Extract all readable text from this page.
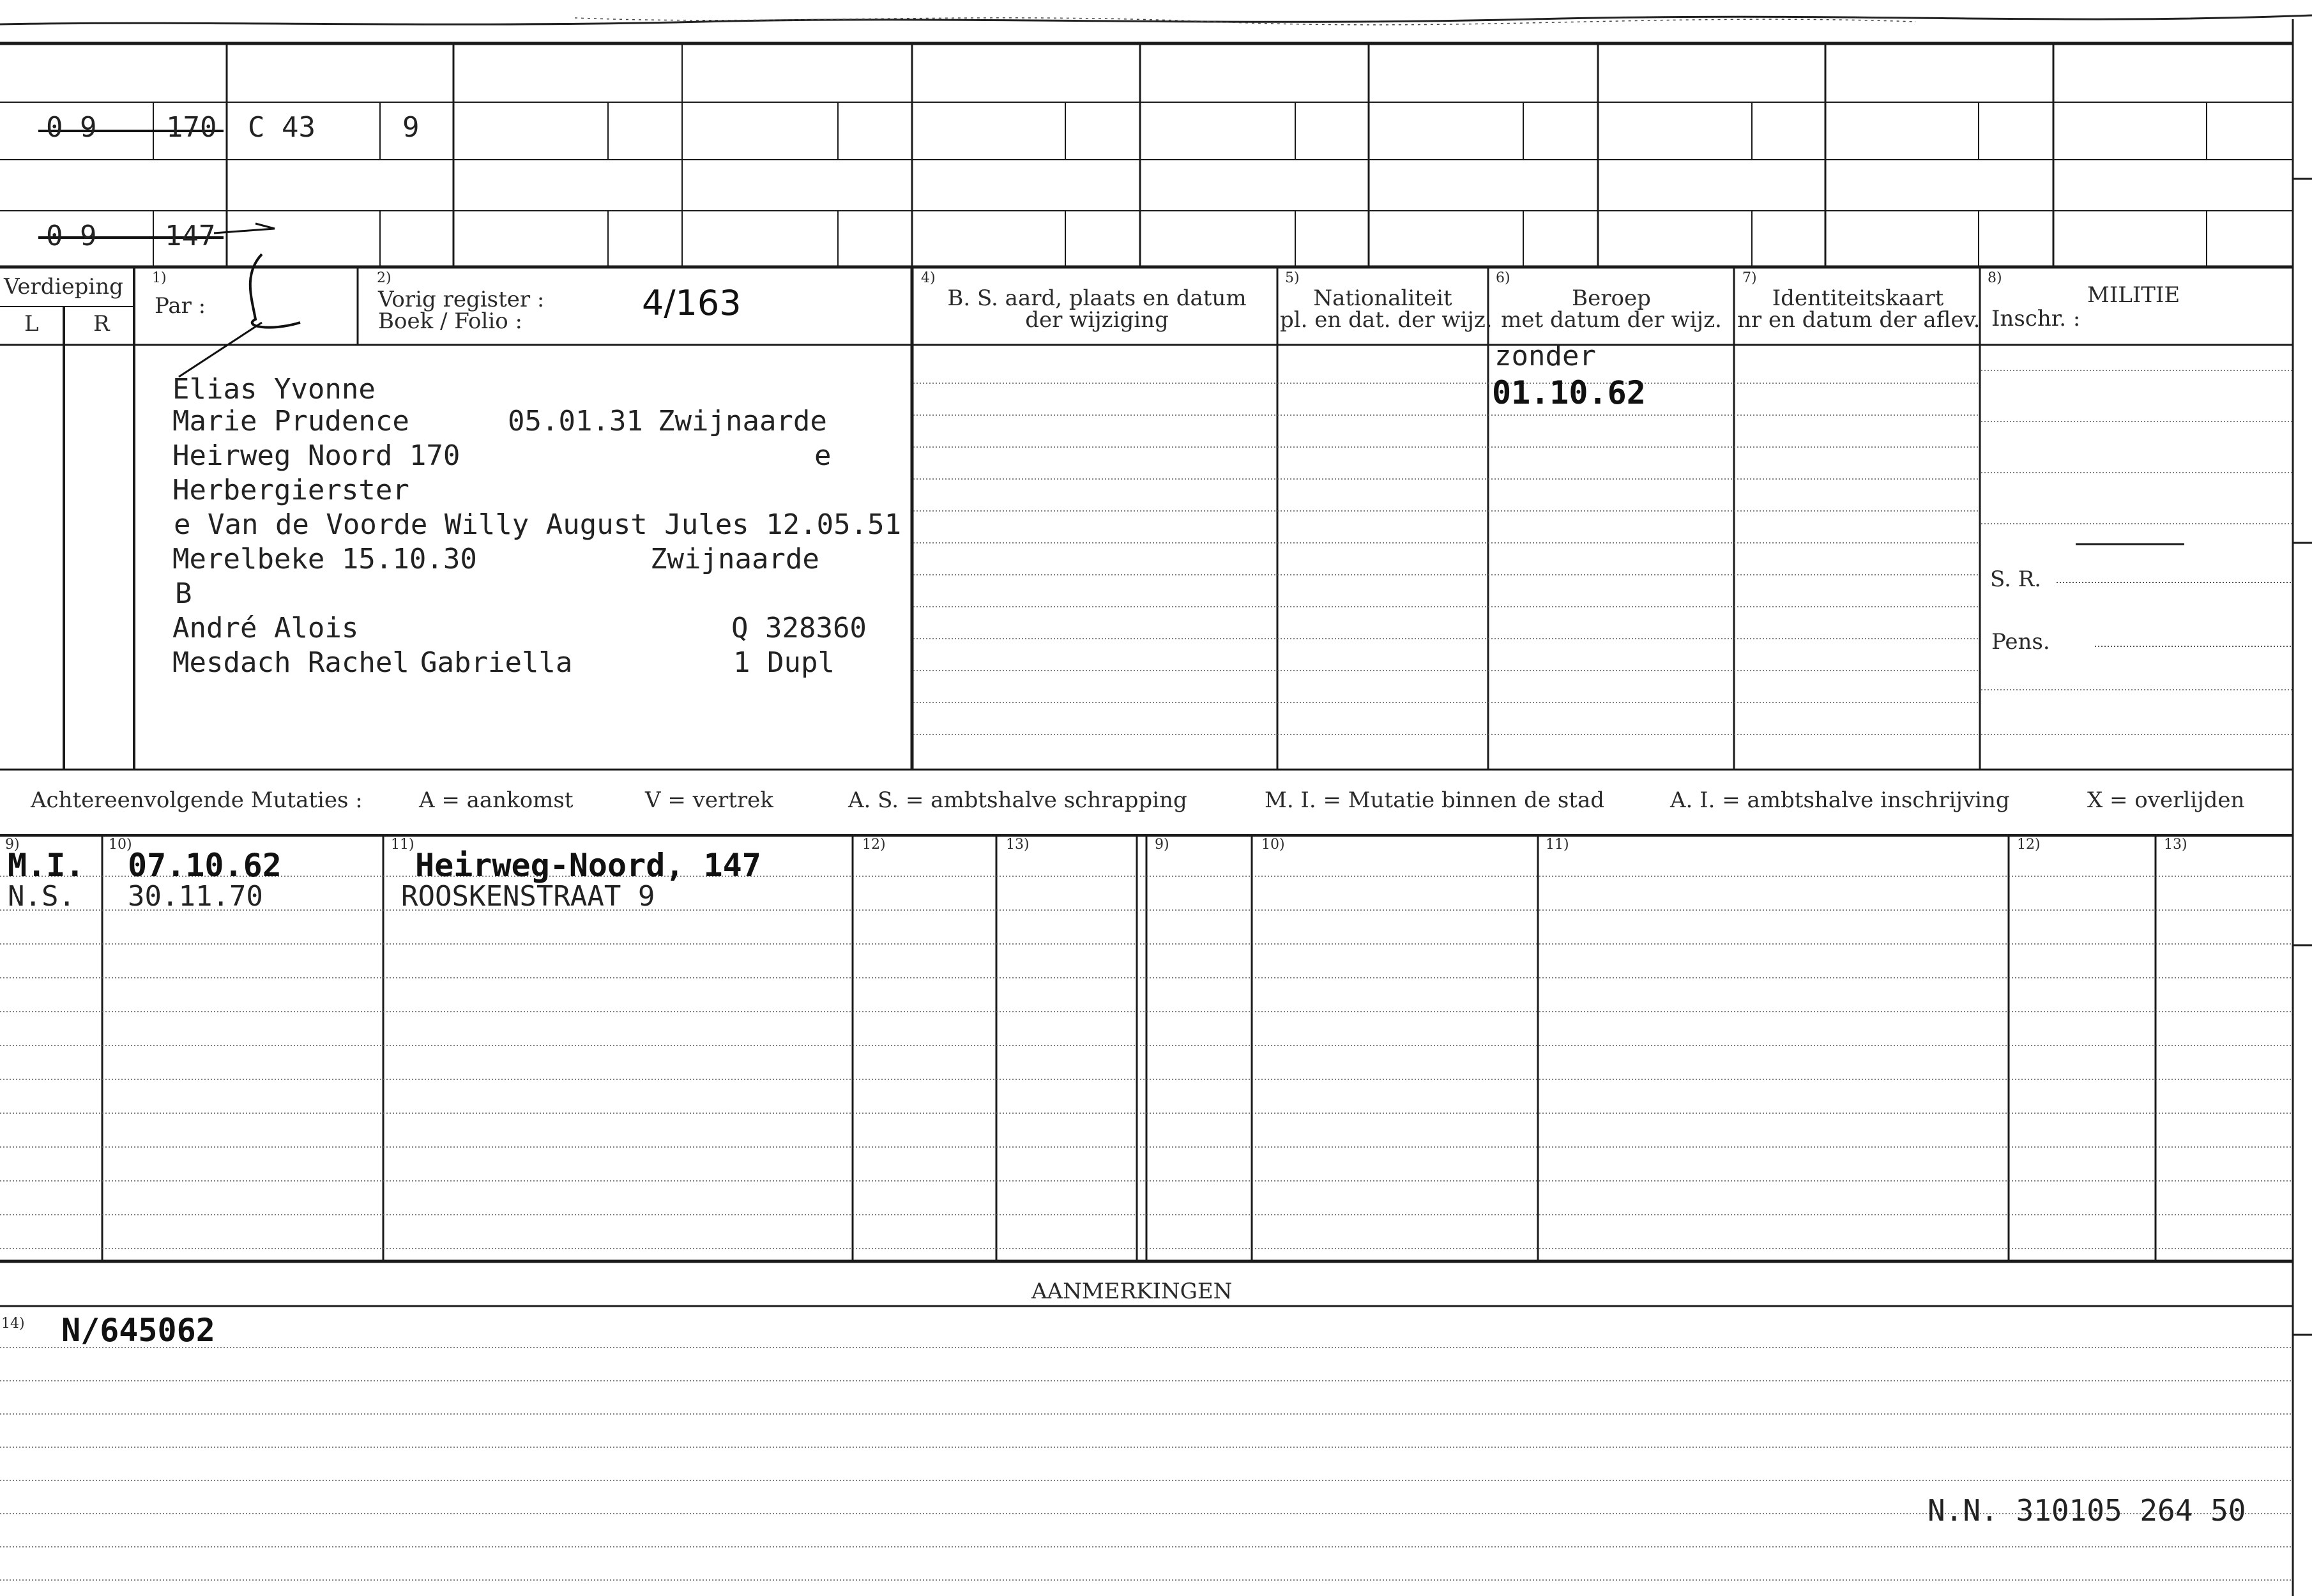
0 9 170 C 43	9
0 9 147
Verdieping
L	R
1)
Par :
2)
Vorig register :
Boek / Folio :	4/163
4)
B. S. aard, plaats en datum
der wijziging
5)
Nationaliteit
pl. en dat. der wijz.
6)
Beroep
met datum der wijz.
7)
Identiteitskaart
nr en datum der aflev.
8)
MILITIE
Inschr. :
S. R.
Pens.
Elias Yvonne
Marie Prudence	05.01.31 Zwijnaarde
Heirweg Noord 170	e
Herbergierster
e Van de Voorde Willy August Jules 12.05.51
Merelbeke 15.10.30	Zwijnaarde
B
André Alois	Q 328360
Mesdach Rachel Gabriella	1 Dupl
zonder
01.10.62
Achtereenvolgende Mutaties :	A = aankomst	V = vertrek	A. S. = ambtshalve schrapping	M. I. = Mutatie binnen de stad	A. I. = ambtshalve inschrijving	X = overlijden
9)	10)	11)	12)	13)	9)	10)	11)	12)	13)
M.I. 07.10.62	Heirweg-Noord, 147
N.S. 30.11.70	ROOSKENSTRAAT 9
AANMERKINGEN
14) N/645062
N.N. 310105 264 50
